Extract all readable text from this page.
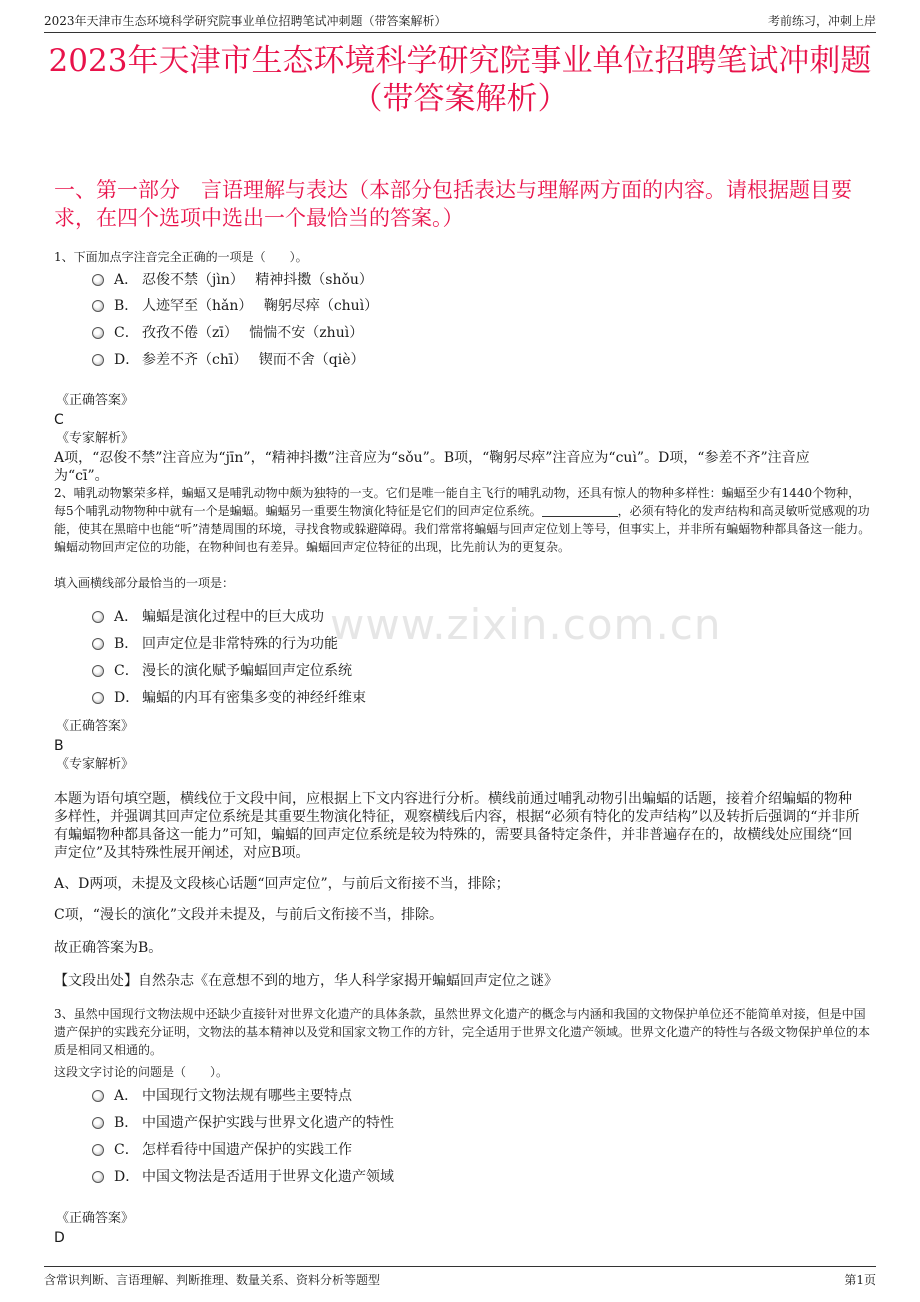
2023年天津市生态环境科学研究院事业单位招聘笔试冲刺题（带答案解析）	考前练习，冲刺上岸
2023年天津市生态环境科学研究院事业单位招聘笔试冲刺题
（带答案解析）
一、第一部分　言语理解与表达（本部分包括表达与理解两方面的内容。请根据题目要求，在四个选项中选出一个最恰当的答案。）
www.zixin.com.cn
1、下面加点字注音完全正确的一项是（　　）。
A． 忍俊不禁（jìn）　 精神抖擞（shǒu）
B． 人迹罕至（hǎn）　 鞠躬尽瘁（chuì）
C． 孜孜不倦（zī）　 惴惴不安（zhuì）
D． 参差不齐（chī）　 锲而不舍（qiè）
《正确答案》
C
《专家解析》
A项，“忍俊不禁”注音应为“jīn”，“精神抖擞”注音应为“sǒu”。B项，“鞠躬尽瘁”注音应为“cuì”。D项，“参差不齐”注音应为“cī”。
2、哺乳动物繁荣多样，蝙蝠又是哺乳动物中颇为独特的一支。它们是唯一能自主飞行的哺乳动物，还具有惊人的物种多样性：蝙蝠至少有1440个物种，每5个哺乳动物物种中就有一个是蝙蝠。蝙蝠另一重要生物演化特征是它们的回声定位系统。	，必须有特化的发声结构和高灵敏听觉感观的功能，使其在黑暗中也能“听”清楚周围的环境，寻找食物或躲避障碍。我们常常将蝙蝠与回声定位划上等号，但事实上，并非所有蝙蝠物种都具备这一能力。蝙蝠动物回声定位的功能，在物种间也有差异。蝙蝠回声定位特征的出现，比先前认为的更复杂。
填入画横线部分最恰当的一项是：
A． 蝙蝠是演化过程中的巨大成功
B． 回声定位是非常特殊的行为功能
C． 漫长的演化赋予蝙蝠回声定位系统
D． 蝙蝠的内耳有密集多变的神经纤维束
《正确答案》
B
《专家解析》
本题为语句填空题，横线位于文段中间，应根据上下文内容进行分析。横线前通过哺乳动物引出蝙蝠的话题，接着介绍蝙蝠的物种多样性，并强调其回声定位系统是其重要生物演化特征，观察横线后内容，根据“必须有特化的发声结构”以及转折后强调的“并非所有蝙蝠物种都具备这一能力”可知，蝙蝠的回声定位系统是较为特殊的，需要具备特定条件，并非普遍存在的，故横线处应围绕“回声定位”及其特殊性展开阐述，对应B项。
A、D两项，未提及文段核心话题“回声定位”，与前后文衔接不当，排除；
C项，“漫长的演化”文段并未提及，与前后文衔接不当，排除。
故正确答案为B。
【文段出处】自然杂志《在意想不到的地方，华人科学家揭开蝙蝠回声定位之谜》
3、虽然中国现行文物法规中还缺少直接针对世界文化遗产的具体条款，虽然世界文化遗产的概念与内涵和我国的文物保护单位还不能简单对接，但是中国遗产保护的实践充分证明，文物法的基本精神以及党和国家文物工作的方针，完全适用于世界文化遗产领域。世界文化遗产的特性与各级文物保护单位的本质是相同又相通的。
这段文字讨论的问题是（　　）。
A． 中国现行文物法规有哪些主要特点
B． 中国遗产保护实践与世界文化遗产的特性
C． 怎样看待中国遗产保护的实践工作
D． 中国文物法是否适用于世界文化遗产领域
《正确答案》
D
含常识判断、言语理解、判断推理、数量关系、资料分析等题型	第1页
